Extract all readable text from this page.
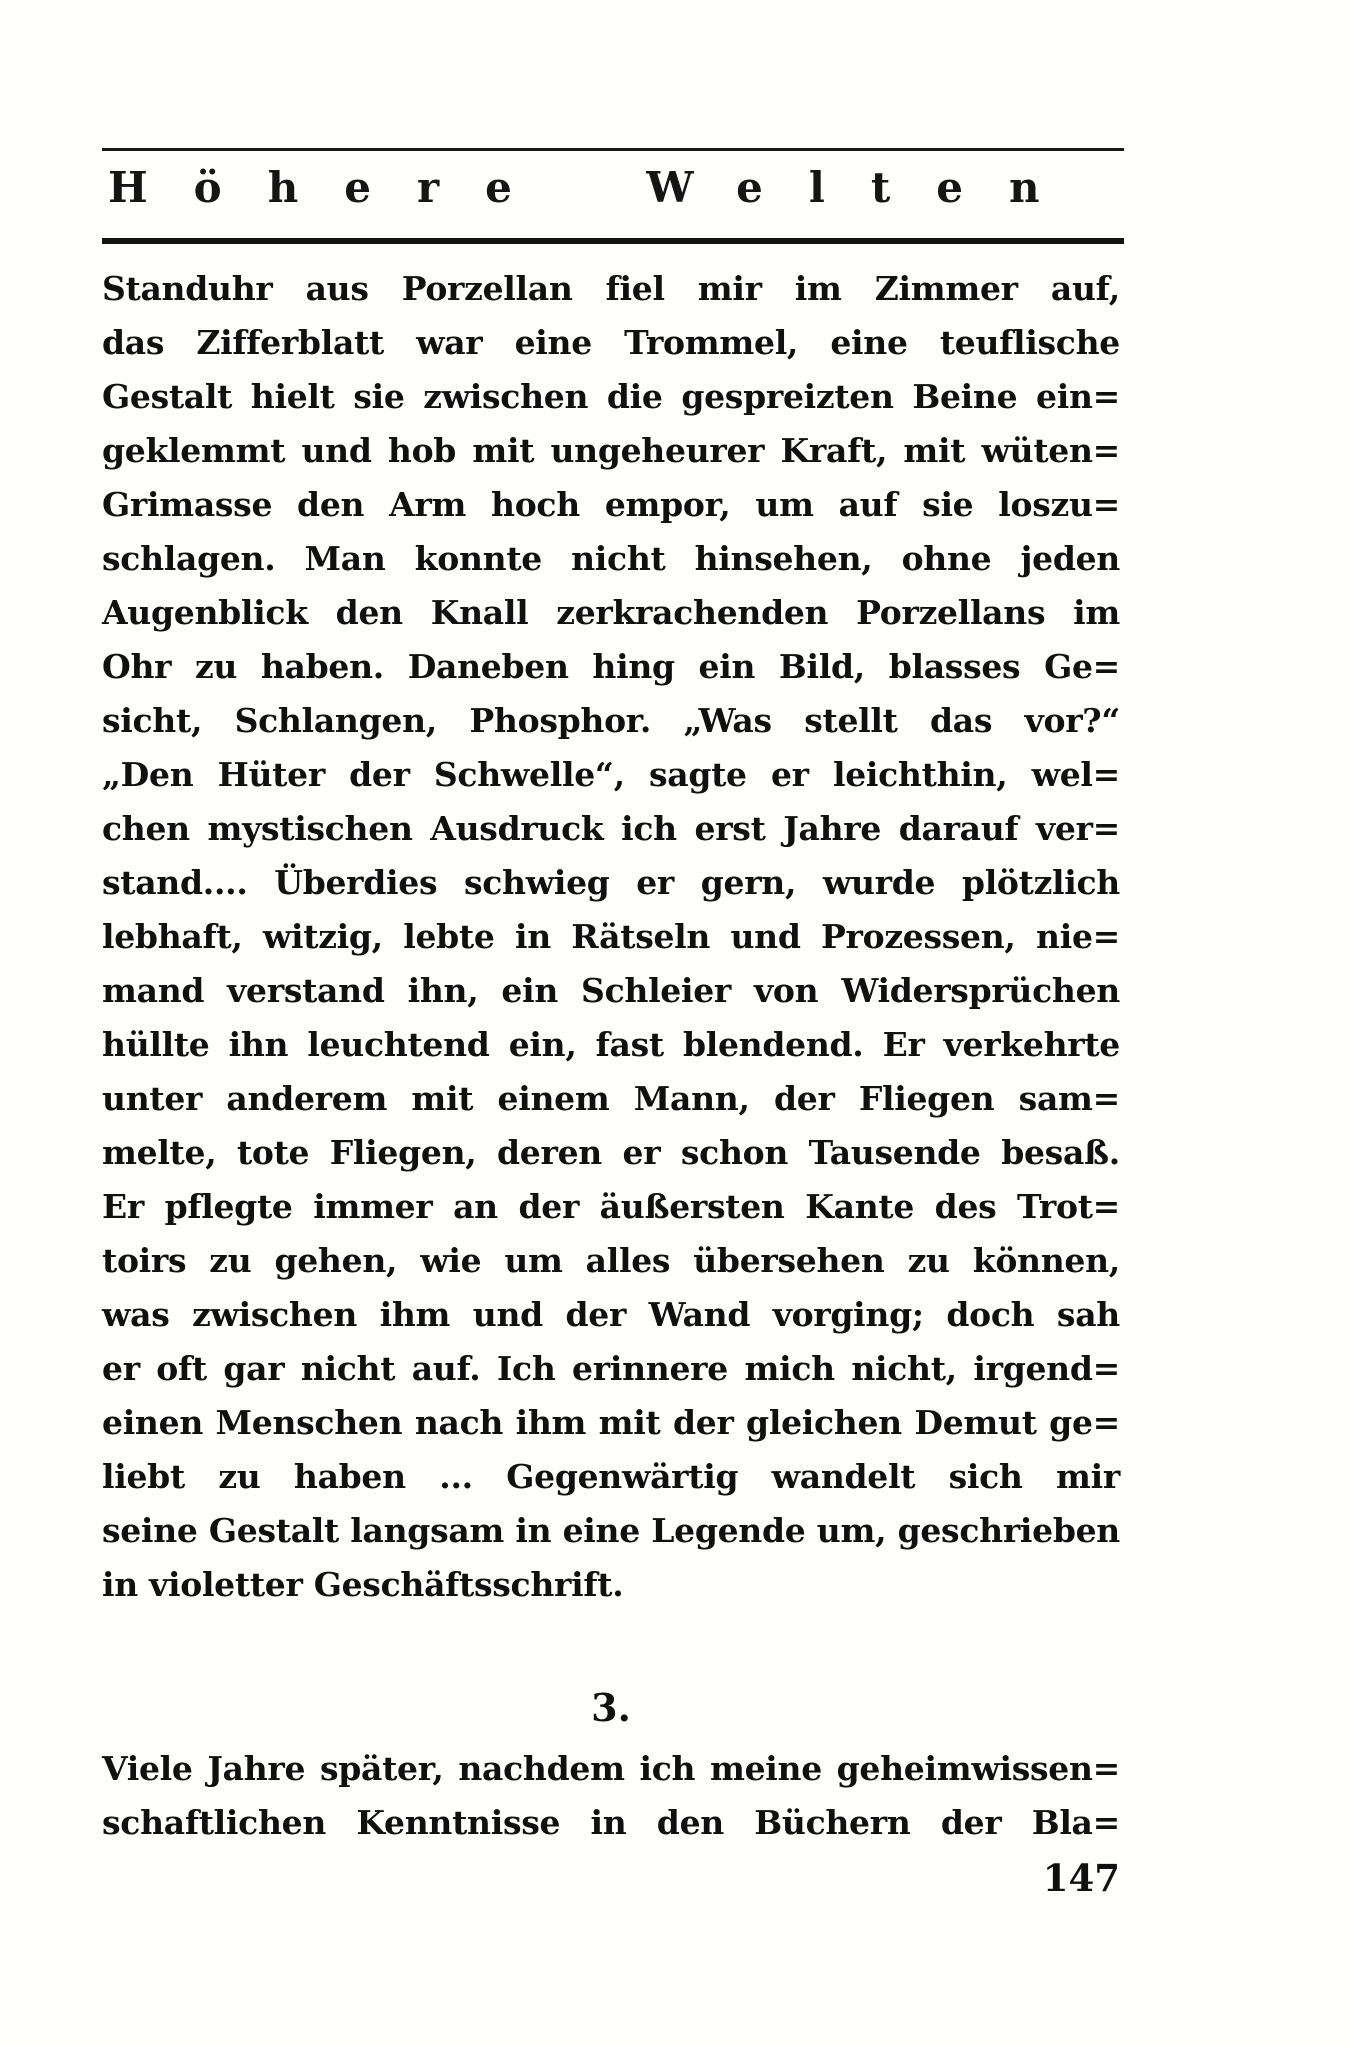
Höhere Welten
Standuhr aus Porzellan fiel mir im Zimmer auf,
das Zifferblatt war eine Trommel, eine teuflische
Gestalt hielt sie zwischen die gespreizten Beine ein=
geklemmt und hob mit ungeheurer Kraft, mit wüten=
Grimasse den Arm hoch empor, um auf sie loszu=
schlagen. Man konnte nicht hinsehen, ohne jeden
Augenblick den Knall zerkrachenden Porzellans im
Ohr zu haben. Daneben hing ein Bild, blasses Ge=
sicht, Schlangen, Phosphor. „Was stellt das vor?“
„Den Hüter der Schwelle“, sagte er leichthin, wel=
chen mystischen Ausdruck ich erst Jahre darauf ver=
stand.... Überdies schwieg er gern, wurde plötzlich
lebhaft, witzig, lebte in Rätseln und Prozessen, nie=
mand verstand ihn, ein Schleier von Widersprüchen
hüllte ihn leuchtend ein, fast blendend. Er verkehrte
unter anderem mit einem Mann, der Fliegen sam=
melte, tote Fliegen, deren er schon Tausende besaß.
Er pflegte immer an der äußersten Kante des Trot=
toirs zu gehen, wie um alles übersehen zu können,
was zwischen ihm und der Wand vorging; doch sah
er oft gar nicht auf. Ich erinnere mich nicht, irgend=
einen Menschen nach ihm mit der gleichen Demut ge=
liebt zu haben ... Gegenwärtig wandelt sich mir
seine Gestalt langsam in eine Legende um, geschrieben
in violetter Geschäftsschrift.
3.
Viele Jahre später, nachdem ich meine geheimwissen=
schaftlichen Kenntnisse in den Büchern der Bla=
147
